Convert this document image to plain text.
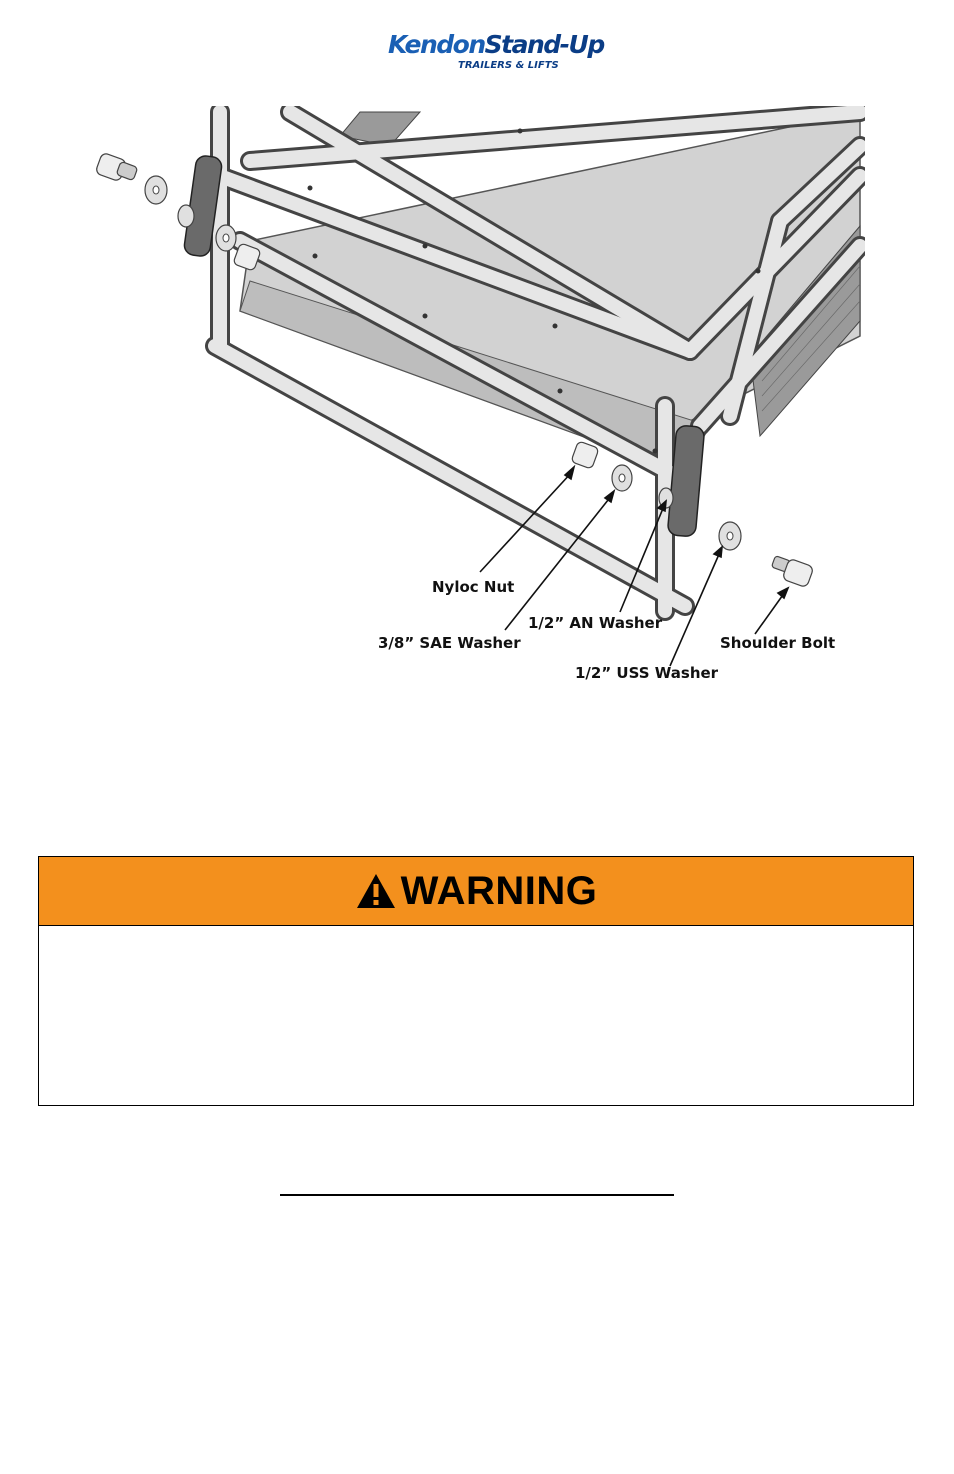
KendonStand-Up
TRAILERS & LIFTS
Nyloc Nut
1/2” AN Washer
3/8” SAE Washer	Shoulder Bolt
1/2” USS Washer
WARNING
